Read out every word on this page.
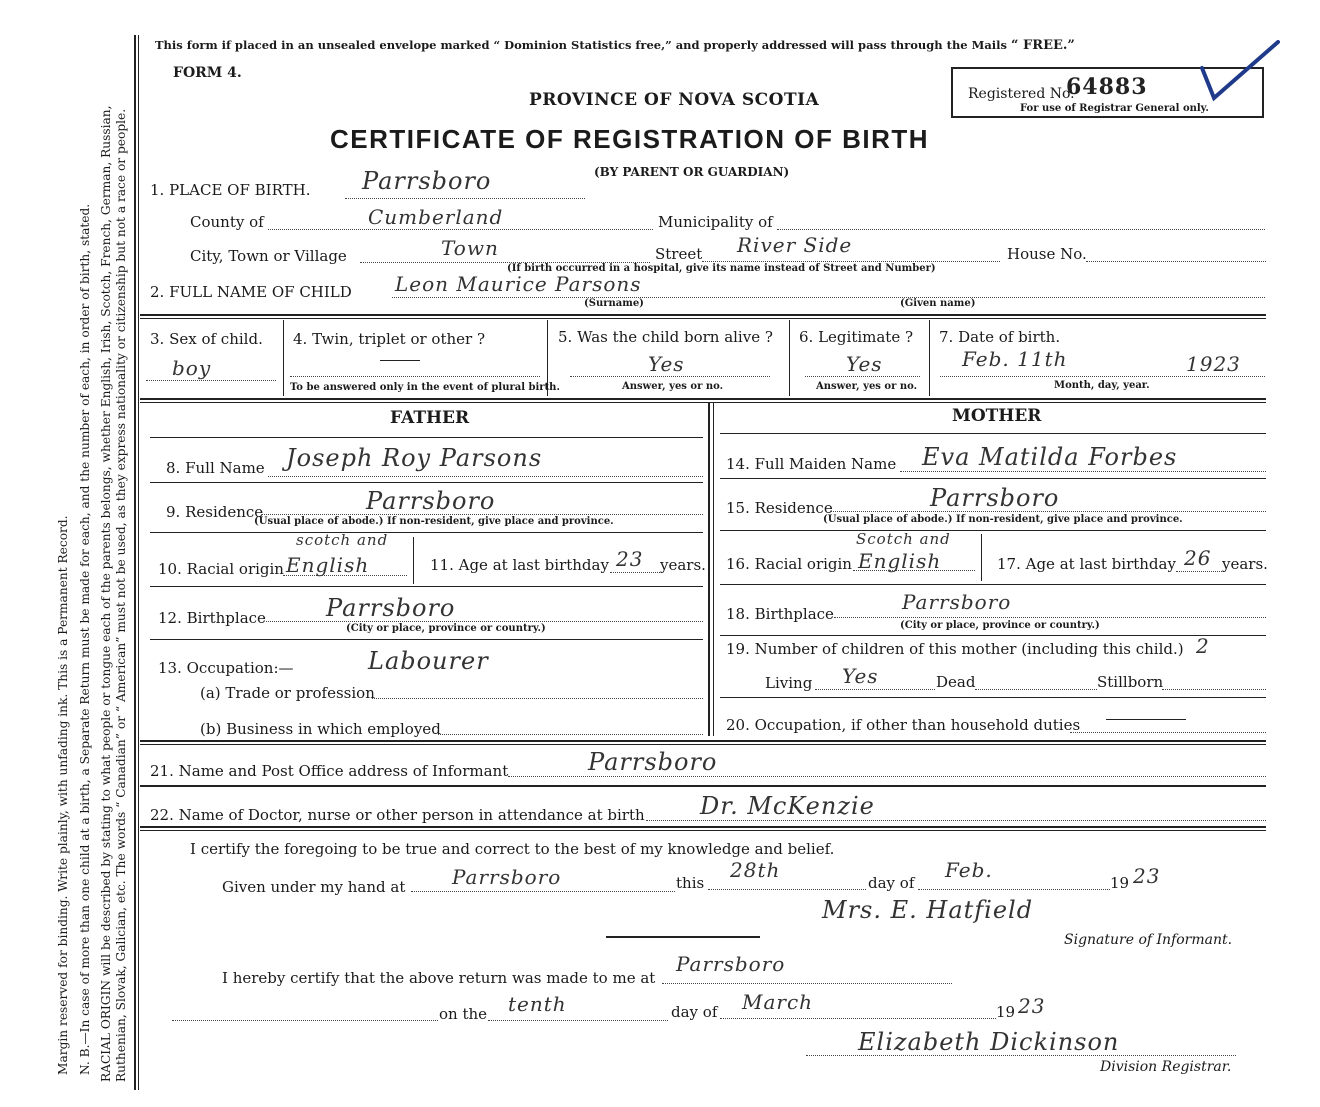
Margin reserved for binding. Write plainly, with unfading ink. This is a Permanent Record. N. B.—In case of more than one child at a birth, a Separate Return must be made for each, and the number of each, in order of birth, stated. RACIAL ORIGIN will be described by stating to what people or tongue each of the parents belongs, whether English, Irish, Scotch, French, German, Russian, Ruthenian, Slovak, Galician, etc. The words “ Canadian” or “ American” must not be used, as they express nationality or citizenship but not a race or people.
This form if placed in an unsealed envelope marked “ Dominion Statistics free,” and properly addressed will pass through the Mails “ FREE.”
FORM 4.
PROVINCE OF NOVA SCOTIA
CERTIFICATE OF REGISTRATION OF BIRTH
(BY PARENT OR GUARDIAN)
Registered No.
64883
For use of Registrar General only.
1. PLACE OF BIRTH. Parrsboro
County of	Cumberland	Municipality of
City, Town or Village	Town	Street River Side	House No.
(If birth occurred in a hospital, give its name instead of Street and Number)
2. FULL NAME OF CHILD Leon Maurice Parsons
(Surname)	(Given name)
3. Sex of child.
boy
4. Twin, triplet or other ?
To be answered only in the event of plural birth.
5. Was the child born alive ?
Yes
Answer, yes or no.
6. Legitimate ?
Yes
Answer, yes or no.
7. Date of birth.
Feb. 11th	1923
Month, day, year.
FATHER	MOTHER
8. Full Name Joseph Roy Parsons
9. Residence	Parrsboro
(Usual place of abode.) If non-resident, give place and province.
10. Racial origin
scotch and
English	11. Age at last birthday 23 years.
12. Birthplace	Parrsboro
(City or place, province or country.)
13. Occupation:—	Labourer
(a) Trade or profession
(b) Business in which employed
14. Full Maiden Name Eva Matilda Forbes
15. Residence	Parrsboro
(Usual place of abode.) If non-resident, give place and province.
16. Racial origin
Scotch and
English	17. Age at last birthday 26 years.
18. Birthplace	Parrsboro
(City or place, province or country.)
19. Number of children of this mother (including this child.) 2
Living Yes	Dead	Stillborn
20. Occupation, if other than household duties
21. Name and Post Office address of Informant	Parrsboro
22. Name of Doctor, nurse or other person in attendance at birth Dr. McKenzie
I certify the foregoing to be true and correct to the best of my knowledge and belief.
Given under my hand at Parrsboro	this
28th
day of
Feb.
19 23
Mrs. E. Hatfield
Signature of Informant.
I hereby certify that the above return was made to me at
Parrsboro
on the tenth	day of March	19 23
Elizabeth Dickinson
Division Registrar.
